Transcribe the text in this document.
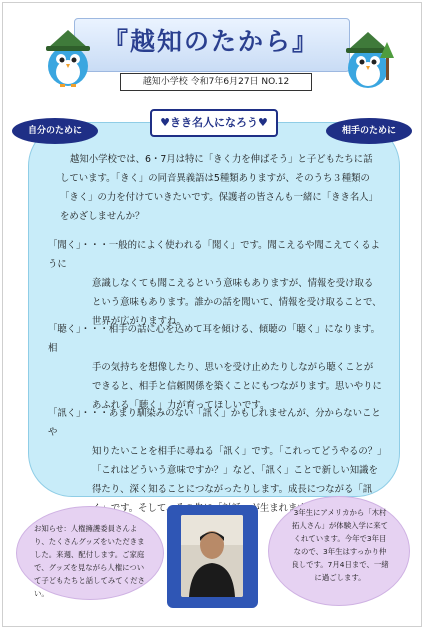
『越知のたから』
越知小学校 令和7年6月27日 NO.12
自分のために	相手のために
♥きき名人になろう♥
越知小学校では、6・7月は特に「きく力を伸ばそう」と子どもたちに話しています。「きく」の同音異義語は5種類ありますが、そのうち３種類の「きく」の力を付けていきたいです。保護者の皆さんも一緒に「きき名人」をめざしませんか？
「聞く」・・・一般的によく使われる「聞く」です。聞こえるや聞こえてくるように
意識しなくても聞こえるという意味もありますが、情報を受け取るという意味もあります。誰かの話を聞いて、情報を受け取ることで、世界が広がりますね。
「聴く」・・・相手の話に心を込めて耳を傾ける、傾聴の「聴く」になります。相
手の気持ちを想像したり、思いを受け止めたりしながら聴くことができると、相手と信頼関係を築くことにもつながります。思いやりにあふれる「聴く」力が育ってほしいです。
「訊く」・・・あまり馴染みのない「訊く」かもしれませんが、分からないことや
知りたいことを相手に尋ねる「訊く」です。「これってどうやるの？」「これはどういう意味ですか？」など、「訊く」ことで新しい知識を得たり、深く知ることにつながったりします。成長につながる「訊く」です。そして、 」が生まれます。
お知らせ：人権擁護委員さんより、たくさんグッズをいただきました。来週、配付します。ご家庭で、グッズを見ながら人権について子どもたちと話してみてください。
3年生にアメリカから「木村拓人さん」が体験入学に来てくれています。今年で3年目なので、3年生はすっかり仲良しです。7月4日まで、一緒に過ごします。
